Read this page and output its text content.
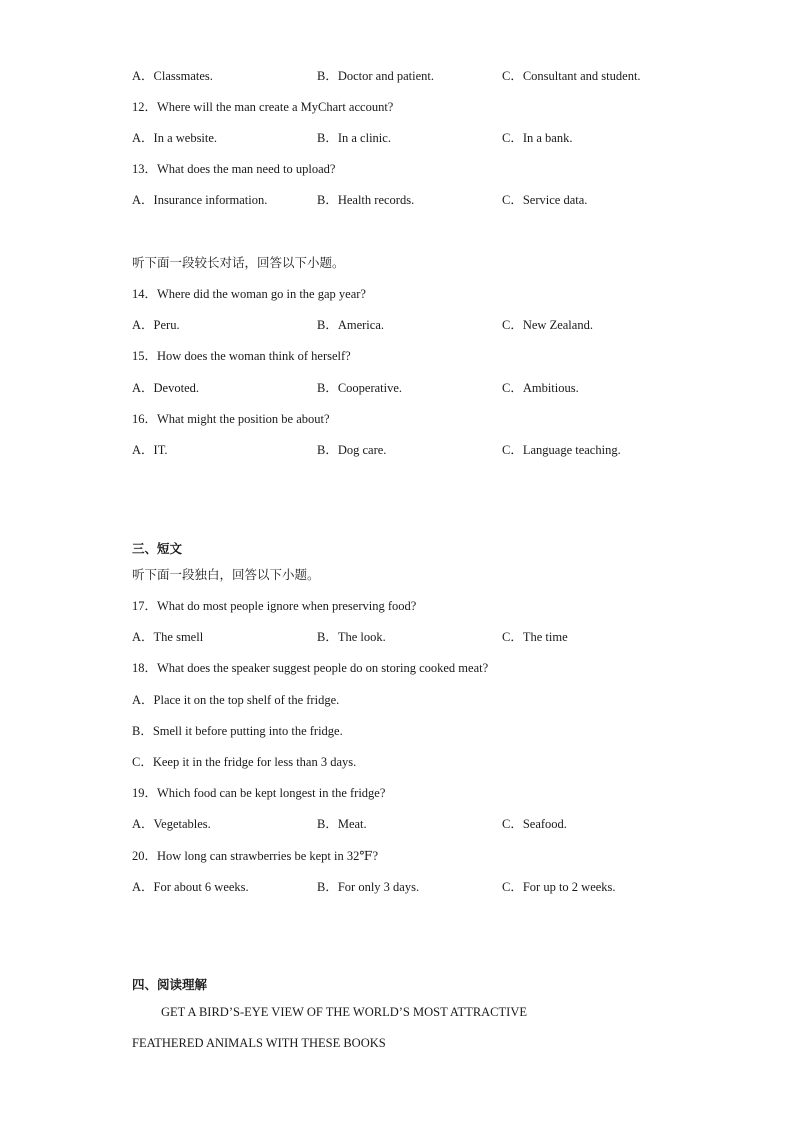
A．Classmates.	B．Doctor and patient.	C．Consultant and student.
12．Where will the man create a MyChart account?
A．In a website.	B．In a clinic.	C．In a bank.
13．What does the man need to upload?
A．Insurance information.	B．Health records.	C．Service data.
听下面一段较长对话，回答以下小题。
14．Where did the woman go in the gap year?
A．Peru.	B．America.	C．New Zealand.
15．How does the woman think of herself?
A．Devoted.	B．Cooperative.	C．Ambitious.
16．What might the position be about?
A．IT.	B．Dog care.	C．Language teaching.
三、短文
听下面一段独白，回答以下小题。
17．What do most people ignore when preserving food?
A．The smell	B．The look.	C．The time
18．What does the speaker suggest people do on storing cooked meat?
A．Place it on the top shelf of the fridge.
B．Smell it before putting into the fridge.
C．Keep it in the fridge for less than 3 days.
19．Which food can be kept longest in the fridge?
A．Vegetables.	B．Meat.	C．Seafood.
20．How long can strawberries be kept in 32℉?
A．For about 6 weeks.	B．For only 3 days.	C．For up to 2 weeks.
四、阅读理解
GET A BIRD’S-EYE VIEW OF THE WORLD’S MOST ATTRACTIVE
FEATHERED ANIMALS WITH THESE BOOKS
